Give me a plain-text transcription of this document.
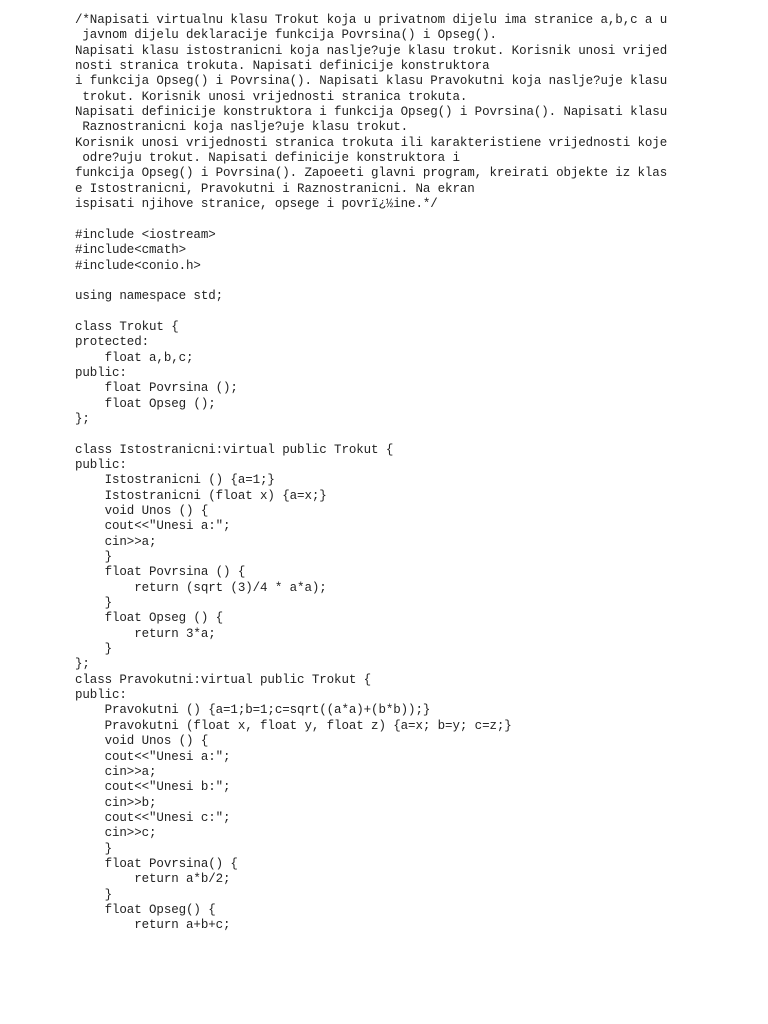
/*Napisati virtualnu klasu Trokut koja u privatnom dijelu ima stranice a,b,c a u
javnom dijelu deklaracije funkcija Povrsina() i Opseg().
Napisati klasu istostranicni koja naslje?uje klasu trokut. Korisnik unosi vrijed
nosti stranica trokuta. Napisati definicije konstruktora
i funkcija Opseg() i Povrsina(). Napisati klasu Pravokutni koja naslje?uje klasu
trokut. Korisnik unosi vrijednosti stranica trokuta.
Napisati definicije konstruktora i funkcija Opseg() i Povrsina(). Napisati klasu
Raznostranicni koja naslje?uje klasu trokut.
Korisnik unosi vrijednosti stranica trokuta ili karakteristiene vrijednosti koje
odre?uju trokut. Napisati definicije konstruktora i
funkcija Opseg() i Povrsina(). Zapoeeti glavni program, kreirati objekte iz klas
e Istostranicni, Pravokutni i Raznostranicni. Na ekran
ispisati njihove stranice, opsege i povrï¿½ine.*/
#include <iostream>
#include<cmath>
#include<conio.h>
using namespace std;
class Trokut {
protected:
float a,b,c;
public:
float Povrsina ();
float Opseg ();
};
class Istostranicni:virtual public Trokut {
public:
Istostranicni () {a=1;}
Istostranicni (float x) {a=x;}
void Unos () {
cout<<"Unesi a:";
cin>>a;
}
float Povrsina () {
return (sqrt (3)/4 * a*a);
}
float Opseg () {
return 3*a;
}
};
class Pravokutni:virtual public Trokut {
public:
Pravokutni () {a=1;b=1;c=sqrt((a*a)+(b*b));}
Pravokutni (float x, float y, float z) {a=x; b=y; c=z;}
void Unos () {
cout<<"Unesi a:";
cin>>a;
cout<<"Unesi b:";
cin>>b;
cout<<"Unesi c:";
cin>>c;
}
float Povrsina() {
return a*b/2;
}
float Opseg() {
return a+b+c;
